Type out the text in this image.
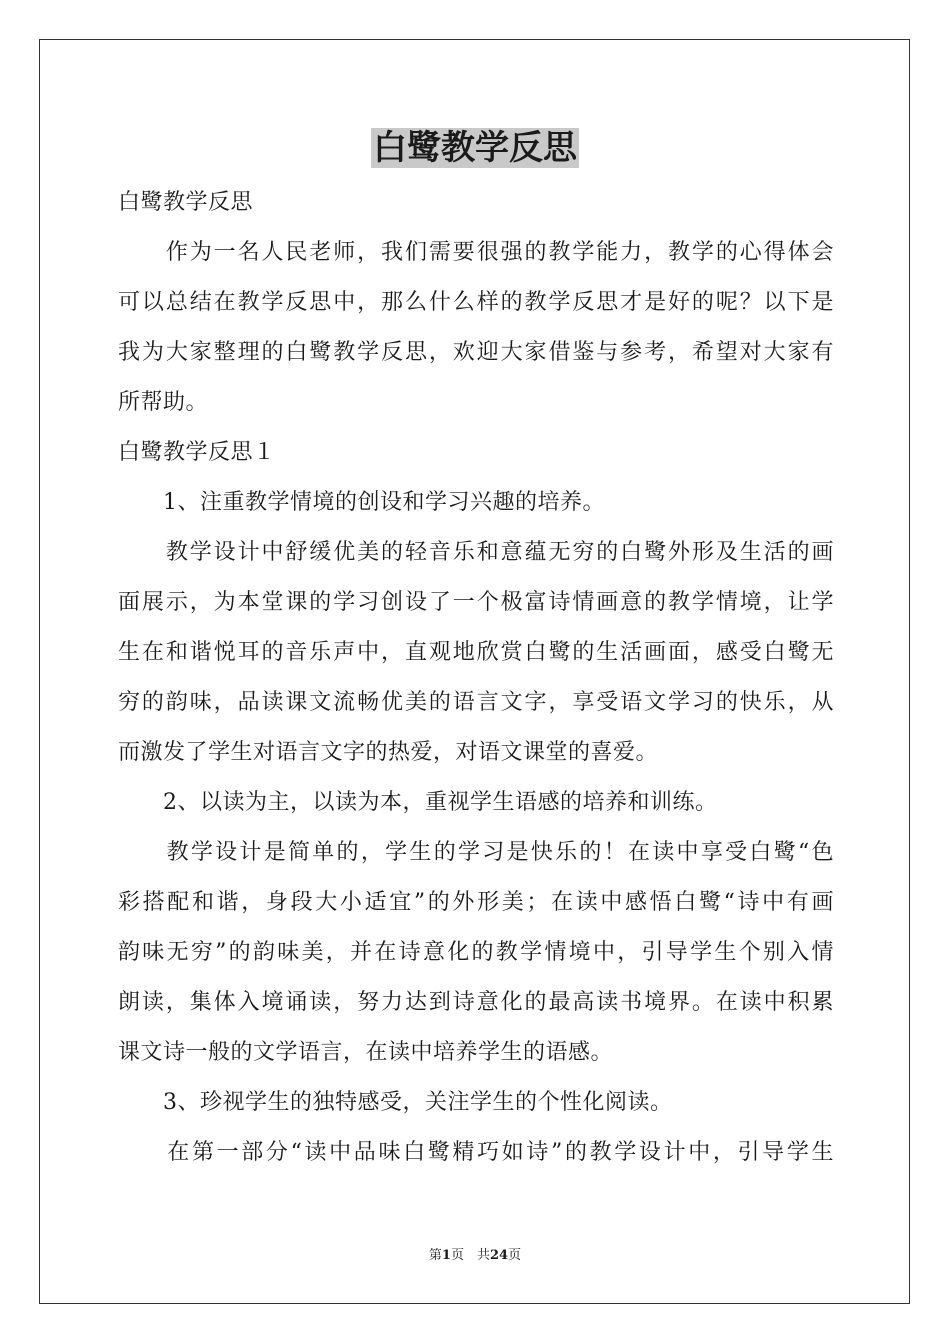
白鹭教学反思

白鹭教学反思

　　作为一名人民老师，我们需要很强的教学能力，教学的心得体会

可以总结在教学反思中，那么什么样的教学反思才是好的呢？以下是

我为大家整理的白鹭教学反思，欢迎大家借鉴与参考，希望对大家有

所帮助。

白鹭教学反思１

　　1、注重教学情境的创设和学习兴趣的培养。

　　教学设计中舒缓优美的轻音乐和意蕴无穷的白鹭外形及生活的画

面展示，为本堂课的学习创设了一个极富诗情画意的教学情境，让学

生在和谐悦耳的音乐声中，直观地欣赏白鹭的生活画面，感受白鹭无

穷的韵味，品读课文流畅优美的语言文字，享受语文学习的快乐，从

而激发了学生对语言文字的热爱，对语文课堂的喜爱。

　　2、以读为主，以读为本，重视学生语感的培养和训练。

　　教学设计是简单的，学生的学习是快乐的！在读中享受白鹭“色

彩搭配和谐，身段大小适宜”的外形美；在读中感悟白鹭“诗中有画

韵味无穷”的韵味美，并在诗意化的教学情境中，引导学生个别入情

朗读，集体入境诵读，努力达到诗意化的最高读书境界。在读中积累

课文诗一般的文学语言，在读中培养学生的语感。

　　3、珍视学生的独特感受，关注学生的个性化阅读。

　　在第一部分“读中品味白鹭精巧如诗”的教学设计中，引导学生

第1页　共24页
